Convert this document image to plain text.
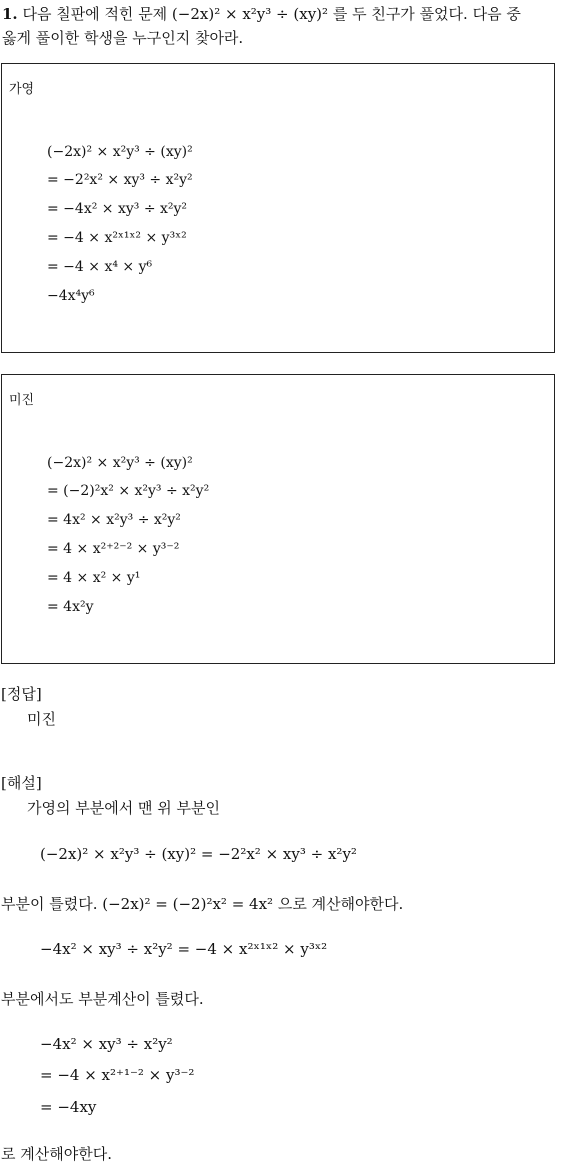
1. 다음 칠판에 적힌 문제 (−2x)² × x²y³ ÷ (xy)² 를 두 친구가 풀었다. 다음 중
옳게 풀이한 학생을 누구인지 찾아라.
가영
(−2x)² × x²y³ ÷ (xy)²
= −2²x² × xy³ ÷ x²y²
= −4x² × xy³ ÷ x²y²
= −4 × x²ˣ¹ˣ² × y³ˣ²
= −4 × x⁴ × y⁶
−4x⁴y⁶
미진
(−2x)² × x²y³ ÷ (xy)²
= (−2)²x² × x²y³ ÷ x²y²
= 4x² × x²y³ ÷ x²y²
= 4 × x²⁺²⁻² × y³⁻²
= 4 × x² × y¹
= 4x²y
[정답]
미진
[해설]
가영의 부분에서 맨 위 부분인
(−2x)² × x²y³ ÷ (xy)² = −2²x² × xy³ ÷ x²y²
부분이 틀렸다. (−2x)² = (−2)²x² = 4x² 으로 계산해야한다.
−4x² × xy³ ÷ x²y² = −4 × x²ˣ¹ˣ² × y³ˣ²
부분에서도 부분계산이 틀렸다.
−4x² × xy³ ÷ x²y²
= −4 × x²⁺¹⁻² × y³⁻²
= −4xy
로 계산해야한다.
